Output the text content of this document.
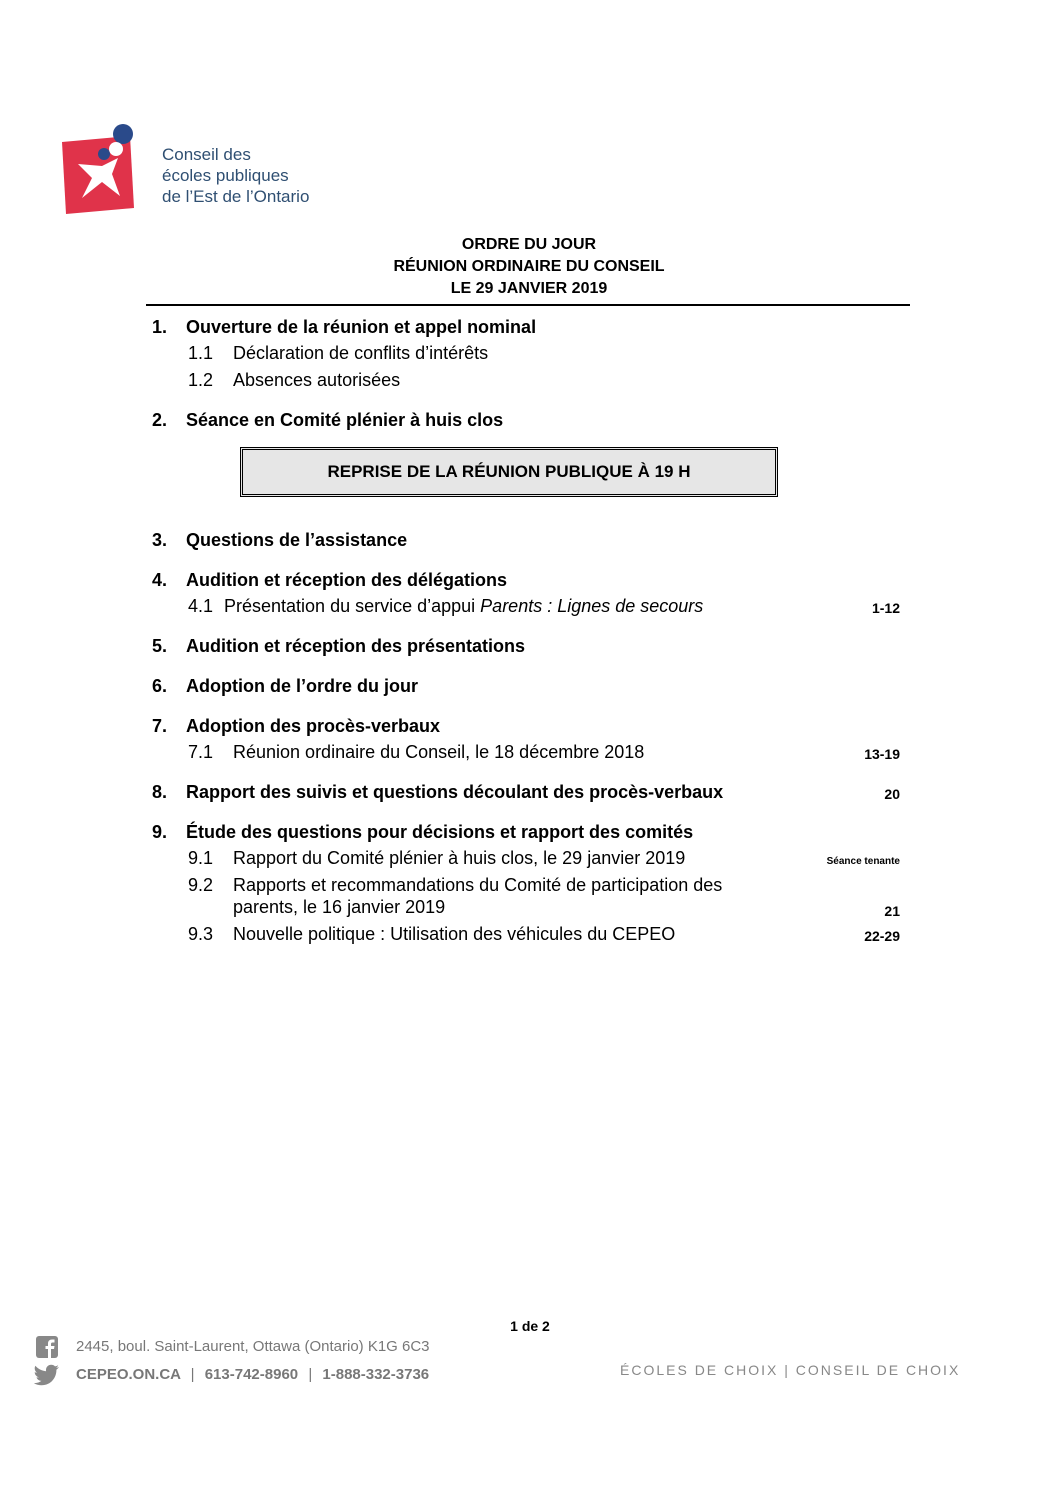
Conseil des
écoles publiques
de l’Est de l’Ontario
ORDRE DU JOUR
RÉUNION ORDINAIRE DU CONSEIL
LE 29 JANVIER 2019
1. Ouverture de la réunion et appel nominal
1.1 Déclaration de conflits d’intérêts
1.2 Absences autorisées
2. Séance en Comité plénier à huis clos
REPRISE DE LA RÉUNION PUBLIQUE À 19 H
3. Questions de l’assistance
4. Audition et réception des délégations
4.1 Présentation du service d’appui Parents : Lignes de secours	1-12
5. Audition et réception des présentations
6. Adoption de l’ordre du jour
7. Adoption des procès-verbaux
7.1 Réunion ordinaire du Conseil, le 18 décembre 2018	13-19
8. Rapport des suivis et questions découlant des procès-verbaux	20
9. Étude des questions pour décisions et rapport des comités
9.1 Rapport du Comité plénier à huis clos, le 29 janvier 2019	Séance tenante
9.2 Rapports et recommandations du Comité de participation des
parents, le 16 janvier 2019	21
9.3 Nouvelle politique : Utilisation des véhicules du CEPEO	22-29
1 de 2
2445, boul. Saint-Laurent, Ottawa (Ontario) K1G 6C3
CEPEO.ON.CA | 613-742-8960 | 1-888-332-3736	ÉCOLES DE CHOIX | CONSEIL DE CHOIX
